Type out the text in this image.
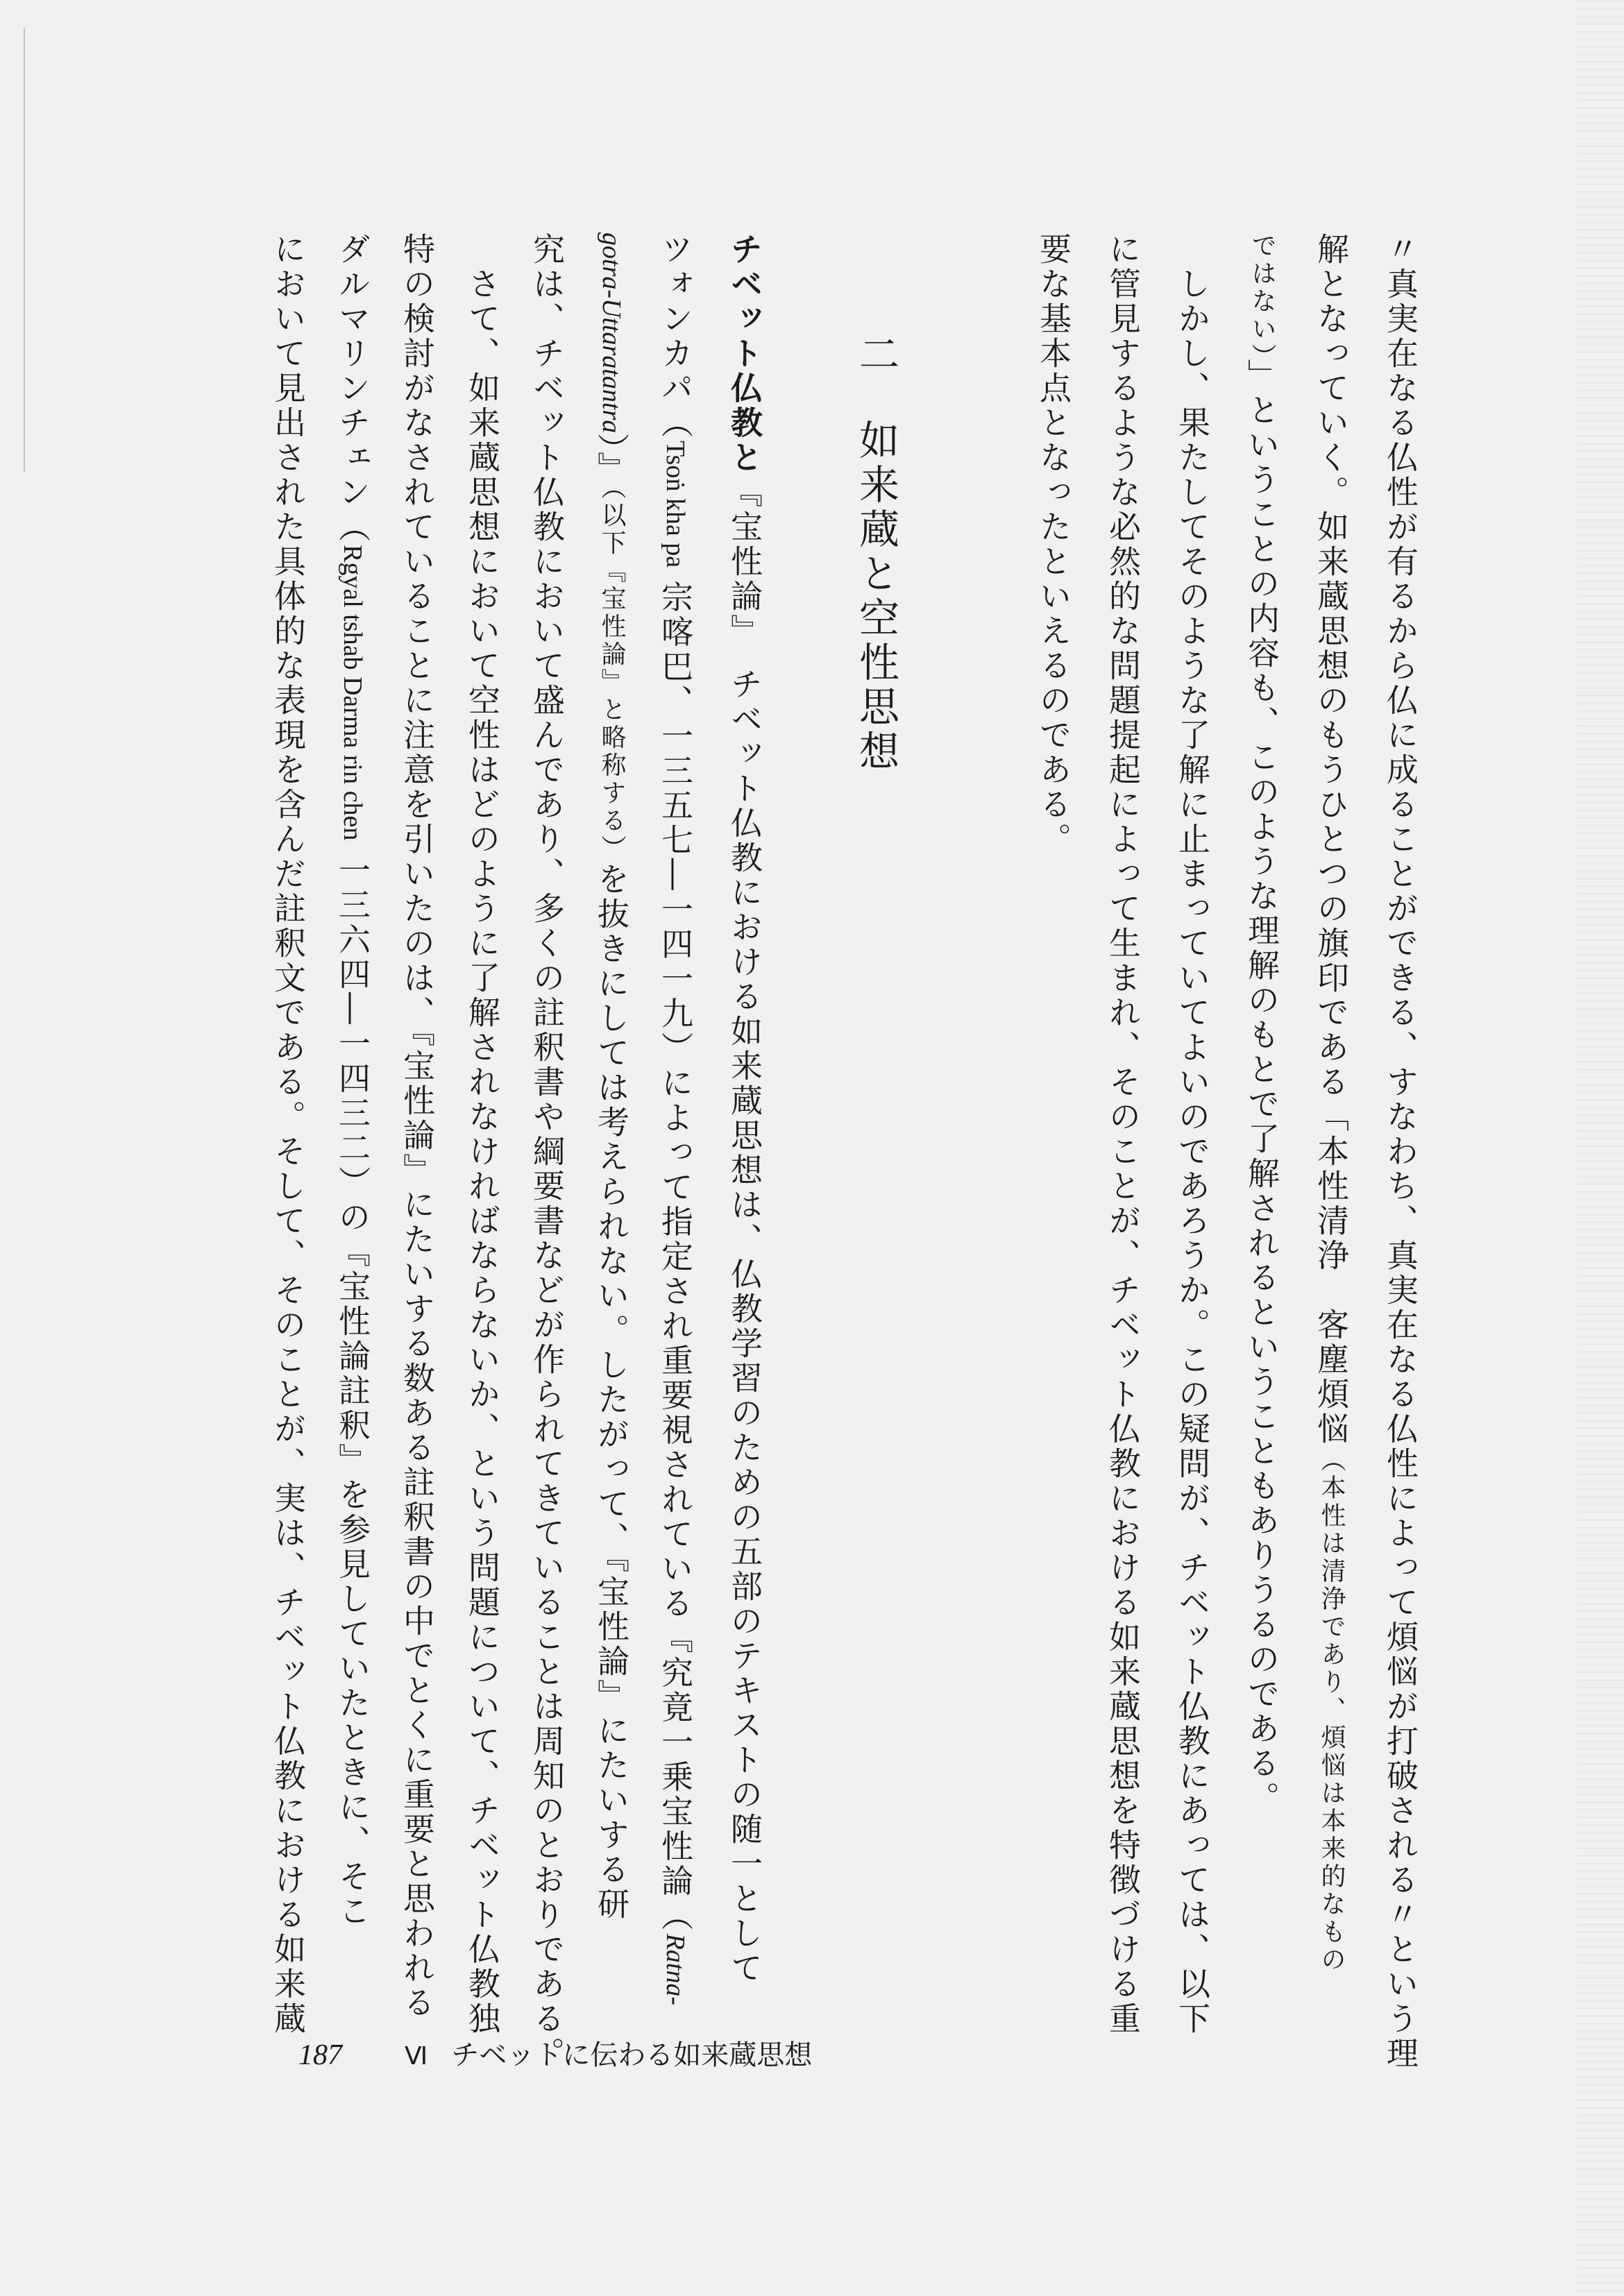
〃真実在なる仏性が有るから仏に成ることができる、すなわち、真実在なる仏性によって煩悩が打破される〃という理
解となっていく。如来蔵思想のもうひとつの旗印である「本性清浄　客塵煩悩（本性は清浄であり、煩悩は本来的なもの
ではない）」ということの内容も、このような理解のもとで了解されるということもありうるのである。
しかし、果たしてそのような了解に止まっていてよいのであろうか。この疑問が、チベット仏教にあっては、以下
に管見するような必然的な問題提起によって生まれ、そのことが、チベット仏教における如来蔵思想を特徴づける重
要な基本点となったといえるのである。
二如来蔵と空性思想
チベット仏教と『宝性論』　チベット仏教における如来蔵思想は、仏教学習のための五部のテキストの随一として
ツォンカパ（Tsoṅ kha pa 宗喀巴、一三五七―一四一九）によって指定され重要視されている『究竟一乗宝性論（Ratna-
gotra-Uttaratantra）』（以下『宝性論』と略称する）を抜きにしては考えられない。したがって、『宝性論』にたいする研
究は、チベット仏教において盛んであり、多くの註釈書や綱要書などが作られてきていることは周知のとおりである。
さて、如来蔵思想において空性はどのように了解されなければならないか、という問題について、チベット仏教独
特の検討がなされていることに注意を引いたのは、『宝性論』にたいする数ある註釈書の中でとくに重要と思われる
ダルマリンチェン（Rgyal tshab Darma rin chen 一三六四―一四三二）の『宝性論註釈』を参見していたときに、そこ
において見出された具体的な表現を含んだ註釈文である。そして、そのことが、実は、チベット仏教における如来蔵
187	Ⅵ チベットに伝わる如来蔵思想
